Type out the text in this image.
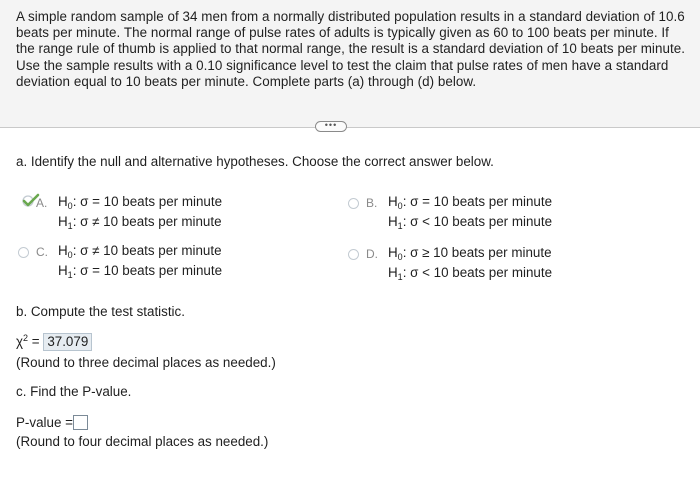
A simple random sample of 34 men from a normally distributed population results in a standard deviation of 10.6 beats per minute. The normal range of pulse rates of adults is typically given as 60 to 100 beats per minute. If the range rule of thumb is applied to that normal range, the result is a standard deviation of 10 beats per minute. Use the sample results with a 0.10 significance level to test the claim that pulse rates of men have a standard deviation equal to 10 beats per minute. Complete parts (a) through (d) below.
•••
a. Identify the null and alternative hypotheses. Choose the correct answer below.
A. $H_0$: σ = 10 beats per minute
$H_1$: σ ≠ 10 beats per minute
B. $H_0$: σ = 10 beats per minute
$H_1$: σ < 10 beats per minute
C. $H_0$: σ ≠ 10 beats per minute
$H_1$: σ = 10 beats per minute
D. $H_0$: σ ≥ 10 beats per minute
$H_1$: σ < 10 beats per minute
b. Compute the test statistic.
$\chi^2 = 37.079$
(Round to three decimal places as needed.)
c. Find the P-value.
P-value =
(Round to four decimal places as needed.)
